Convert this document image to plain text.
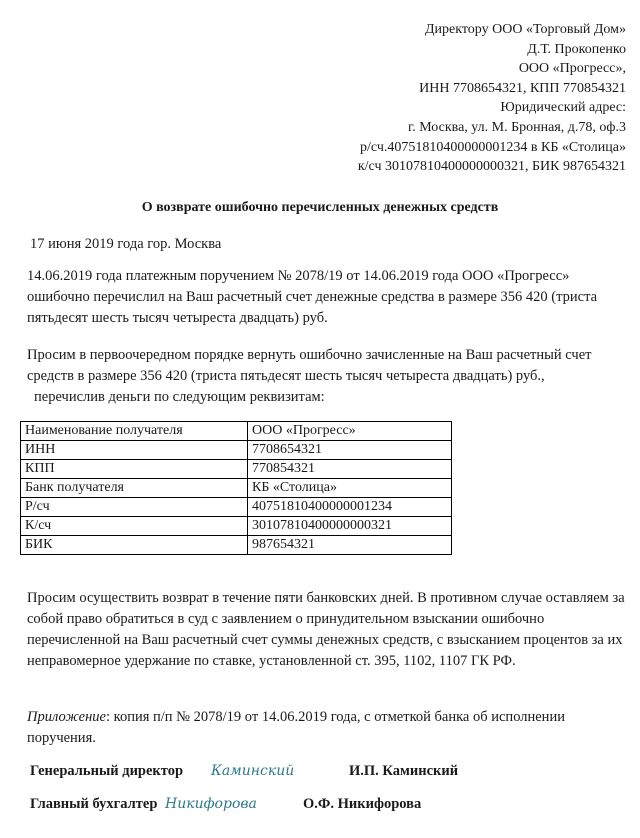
Директору ООО «Торговый Дом»
Д.Т. Прокопенко
ООО «Прогресс»,
ИНН 7708654321, КПП 770854321
Юридический адрес:
г. Москва, ул. М. Бронная, д.78, оф.3
р/сч.40751810400000001234 в КБ «Столица»
к/сч 30107810400000000321, БИК 987654321
О возврате ошибочно перечисленных денежных средств
17 июня 2019 года гор. Москва

14.06.2019 года платежным поручением № 2078/19 от 14.06.2019 года ООО «Прогресс» ошибочно перечислил на Ваш расчетный счет денежные средства в размере 356 420 (триста пятьдесят шесть тысяч четыреста двадцать) руб.

Просим в первоочередном порядке вернуть ошибочно зачисленные на Ваш расчетный счет средств в размере 356 420 (триста пятьдесят шесть тысяч четыреста двадцать) руб.,
перечислив деньги по следующим реквизитам:

Наименование получателя	ООО «Прогресс»
ИНН	7708654321
КПП	770854321
Банк получателя	КБ «Столица»
Р/сч	40751810400000001234
К/сч	30107810400000000321
БИК	987654321

Просим осуществить возврат в течение пяти банковских дней. В противном случае оставляем за собой право обратиться в суд с заявлением о принудительном взыскании ошибочно перечисленной на Ваш расчетный счет суммы денежных средств, с взысканием процентов за их неправомерное удержание по ставке, установленной ст. 395, 1102, 1107 ГК РФ.

Приложение: копия п/п № 2078/19 от 14.06.2019 года, с отметкой банка об исполнении поручения.

Генеральный директор Каминский	И.П. Каминский
Главный бухгалтер Никифорова	О.Ф. Никифорова
